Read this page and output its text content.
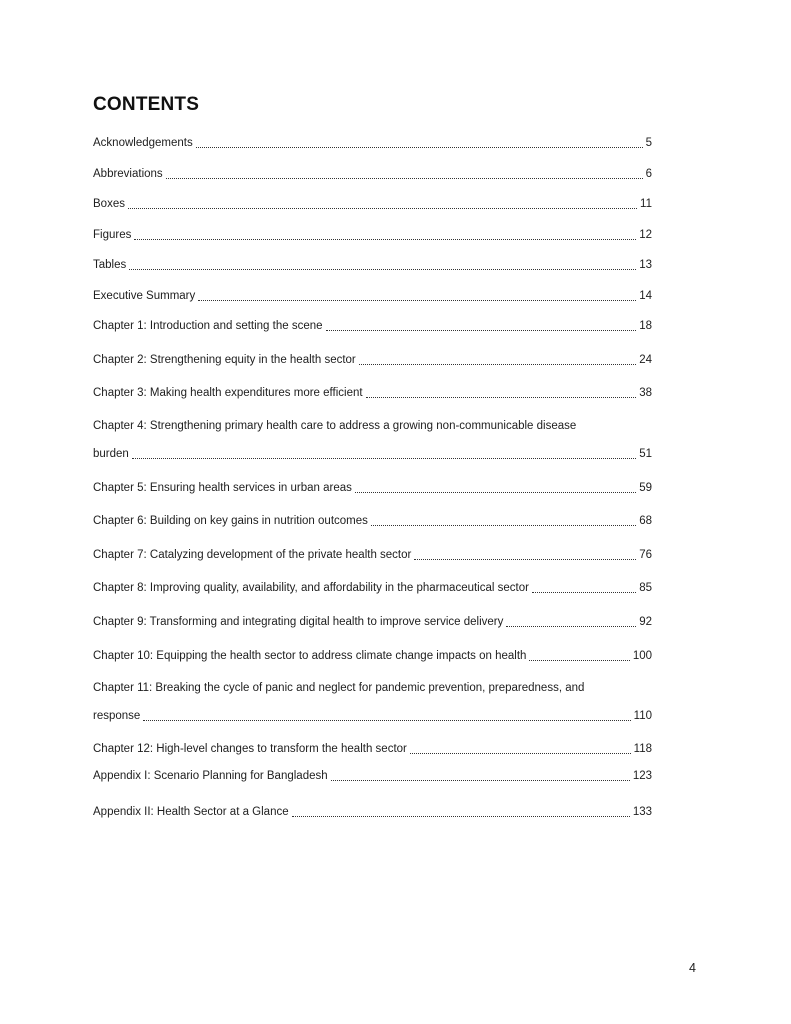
CONTENTS
Acknowledgements	5
Abbreviations	6
Boxes	11
Figures	12
Tables	13
Executive Summary	14
Chapter 1: Introduction and setting the scene	18
Chapter 2: Strengthening equity in the health sector	24
Chapter 3: Making health expenditures more efficient	38
Chapter 4: Strengthening primary health care to address a growing non-communicable disease
burden	51
Chapter 5: Ensuring health services in urban areas	59
Chapter 6: Building on key gains in nutrition outcomes	68
Chapter 7: Catalyzing development of the private health sector	76
Chapter 8: Improving quality, availability, and affordability in the pharmaceutical sector	85
Chapter 9: Transforming and integrating digital health to improve service delivery	92
Chapter 10: Equipping the health sector to address climate change impacts on health	100
Chapter 11: Breaking the cycle of panic and neglect for pandemic prevention, preparedness, and
response	110
Chapter 12: High-level changes to transform the health sector	118
Appendix I: Scenario Planning for Bangladesh	123
Appendix II: Health Sector at a Glance	133
4
